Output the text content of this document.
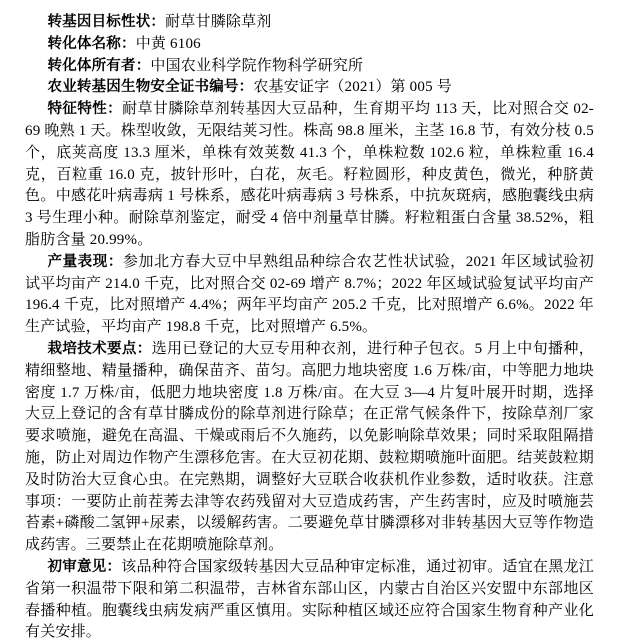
转基因目标性状：耐草甘膦除草剂

转化体名称：中黄 6106

转化体所有者：中国农业科学院作物科学研究所

农业转基因生物安全证书编号：农基安证字（2021）第 005 号

特征特性：耐草甘膦除草剂转基因大豆品种，生育期平均 113 天，比对照合交 02-69 晚熟 1 天。株型收敛，无限结荚习性。株高 98.8 厘米，主茎 16.8 节，有效分枝 0.5 个，底荚高度 13.3 厘米，单株有效荚数 41.3 个，单株粒数 102.6 粒，单株粒重 16.4 克，百粒重 16.0 克，披针形叶，白花，灰毛。籽粒圆形，种皮黄色，微光，种脐黄色。中感花叶病毒病 1 号株系，感花叶病毒病 3 号株系，中抗灰斑病，感胞囊线虫病 3 号生理小种。耐除草剂鉴定，耐受 4 倍中剂量草甘膦。籽粒粗蛋白含量 38.52%，粗脂肪含量 20.99%。

产量表现：参加北方春大豆中早熟组品种综合农艺性状试验，2021 年区域试验初试平均亩产 214.0 千克，比对照合交 02-69 增产 8.7%；2022 年区域试验复试平均亩产 196.4 千克，比对照增产 4.4%；两年平均亩产 205.2 千克，比对照增产 6.6%。2022 年生产试验，平均亩产 198.8 千克，比对照增产 6.5%。

栽培技术要点：选用已登记的大豆专用种衣剂，进行种子包衣。5 月上中旬播种，精细整地、精量播种，确保苗齐、苗匀。高肥力地块密度 1.6 万株/亩，中等肥力地块密度 1.7 万株/亩，低肥力地块密度 1.8 万株/亩。在大豆 3—4 片复叶展开时期，选择大豆上登记的含有草甘膦成份的除草剂进行除草；在正常气候条件下，按除草剂厂家要求喷施，避免在高温、干燥或雨后不久施药，以免影响除草效果；同时采取阻隔措施，防止对周边作物产生漂移危害。在大豆初花期、鼓粒期喷施叶面肥。结荚鼓粒期及时防治大豆食心虫。在完熟期，调整好大豆联合收获机作业参数，适时收获。注意事项：一要防止前茬莠去津等农药残留对大豆造成药害，产生药害时，应及时喷施芸苔素+磷酸二氢钾+尿素，以缓解药害。二要避免草甘膦漂移对非转基因大豆等作物造成药害。三要禁止在花期喷施除草剂。

初审意见：该品种符合国家级转基因大豆品种审定标准，通过初审。适宜在黑龙江省第一积温带下限和第二积温带，吉林省东部山区，内蒙古自治区兴安盟中东部地区春播种植。胞囊线虫病发病严重区慎用。实际种植区域还应符合国家生物育种产业化有关安排。
